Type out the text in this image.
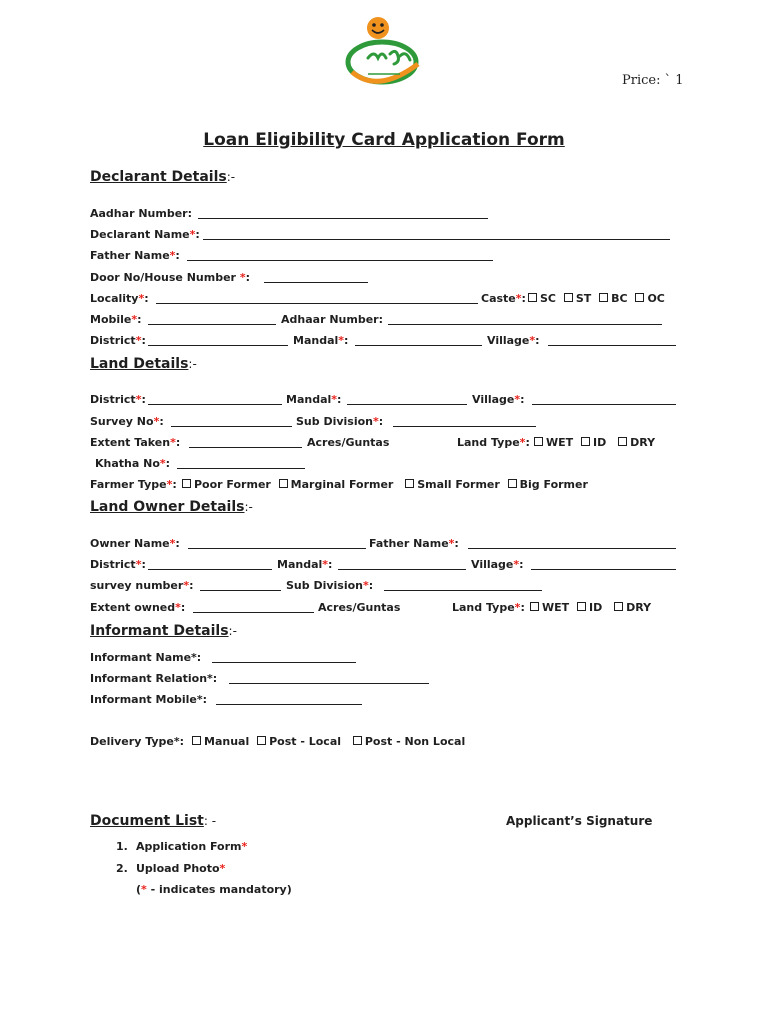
Price: ` 1
Loan Eligibility Card Application Form
Declarant Details:-
Aadhar Number:
Declarant Name*:
Father Name*:
Door No/House Number *:
Locality*:	Caste*:	SC ST BC OC
Mobile*:	Adhaar Number:
District*:	Mandal*:	Village*:
Land Details:-
District*:	Mandal*:	Village*:
Survey No*:	Sub Division*:
Extent Taken*:	Acres/Guntas	Land Type*:	WET ID DRY
Khatha No*:
Farmer Type*:	Poor Former Marginal Former Small Former Big Former
Land Owner Details:-
Owner Name*:	Father Name*:
District*:	Mandal*:	Village*:
survey number*:	Sub Division*:
Extent owned*:	Acres/Guntas	Land Type*:	WET ID DRY
Informant Details:-
Informant Name*:
Informant Relation*:
Informant Mobile*:
Delivery Type*:	Manual Post - Local Post - Non Local
Document List: -	Applicant’s Signature
1. Application Form*
2. Upload Photo*
(* - indicates mandatory)
